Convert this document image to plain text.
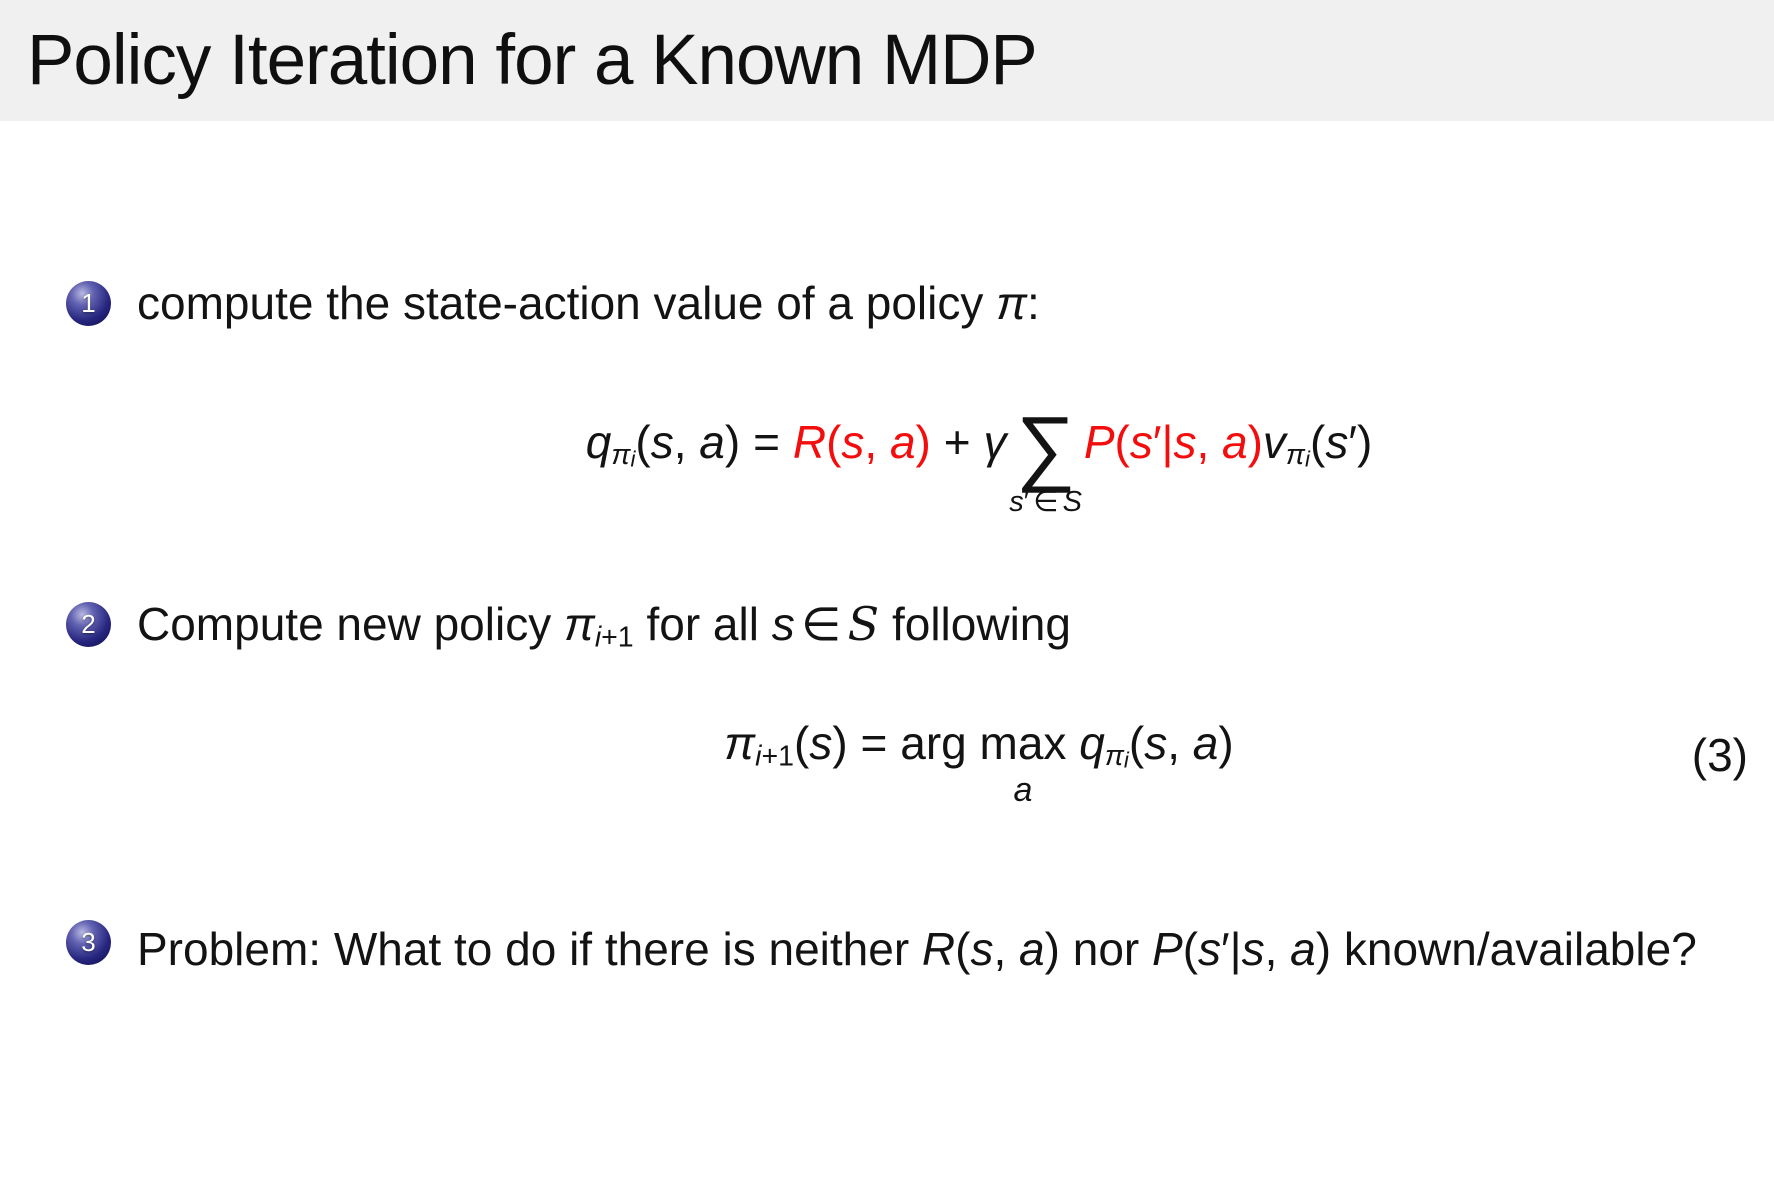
Policy Iteration for a Known MDP
1 compute the state-action value of a policy π:
qπi(s, a) = R(s, a) + γ ∑
s′ ∈ S
P(s′|s, a)vπi(s′)
2 Compute new policy πi+1 for all s ∈ S following
πi+1(s) = arg max
a
qπi(s, a)	(3)
3 Problem: What to do if there is neither R(s, a) nor P(s′|s, a) known/available?
